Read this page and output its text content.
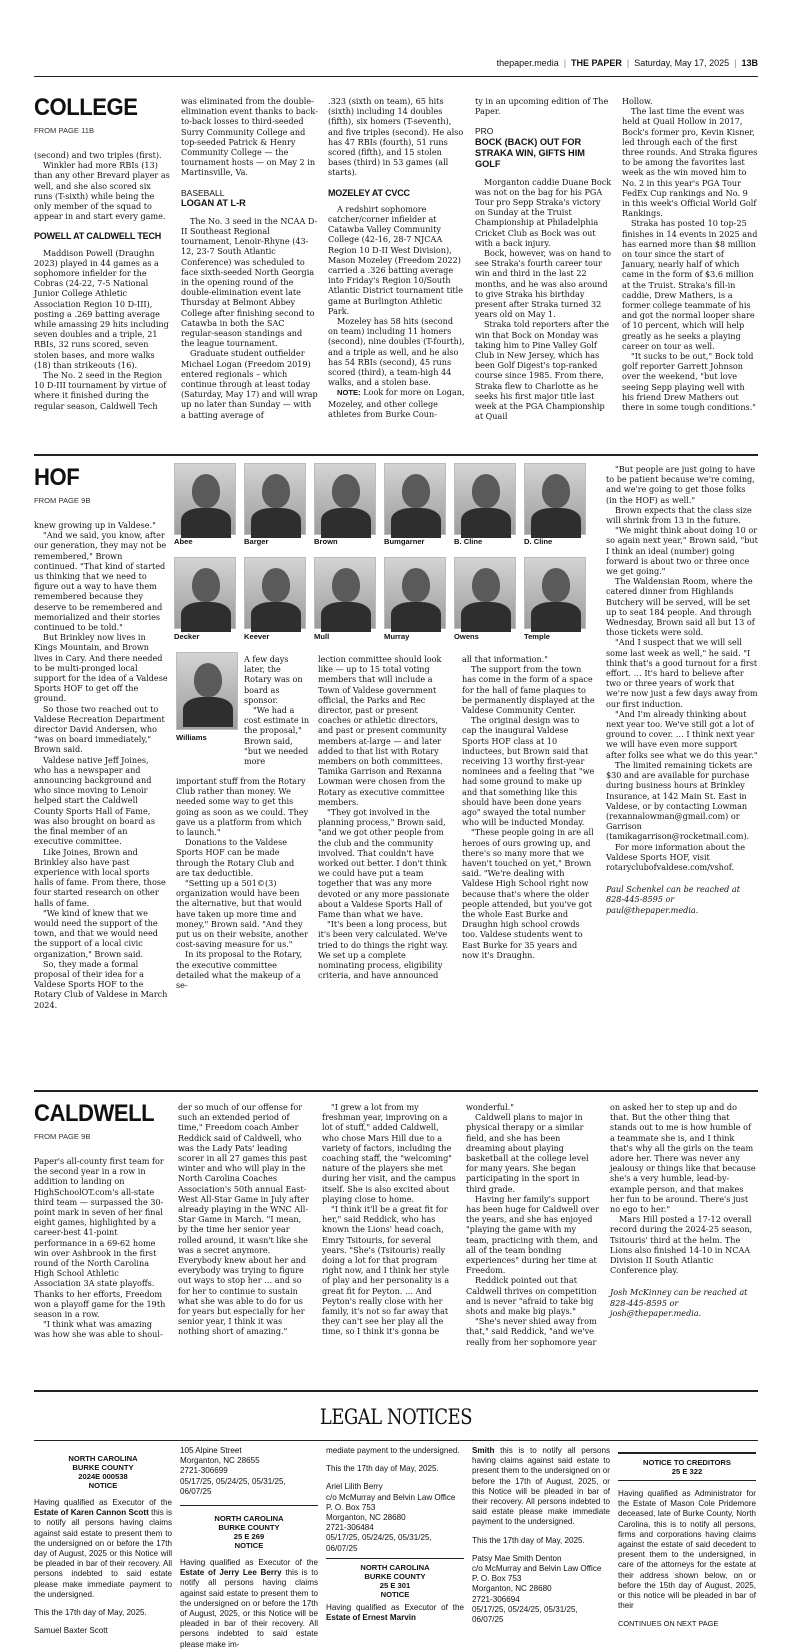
thepaper.media | THE PAPER | Saturday, May 17, 2025 | 13B
COLLEGE
FROM PAGE 11B

(second) and two triples (first).

Winkler had more RBIs (13) than any other Brevard player as well, and she also scored six runs (T-sixth) while being the only member of the squad to appear in and start every game.

POWELL AT CALDWELL TECH

Maddison Powell (Draughn 2023) played in 44 games as a sophomore infielder for the Cobras (24-22, 7-5 National Junior College Athletic Association Region 10 D-III), posting a .269 batting average while amassing 29 hits including seven doubles and a triple, 21 RBIs, 32 runs scored, seven stolen bases, and more walks (18) than strikeouts (16).

The No. 2 seed in the Region 10 D-III tournament by virtue of where it finished during the regular season, Caldwell Tech

was eliminated from the double-elimination event thanks to back-to-back losses to third-seeded Surry Community College and top-seeded Patrick & Henry Community College — the tournament hosts — on May 2 in Martinsville, Va.

BASEBALL

LOGAN AT L-R

The No. 3 seed in the NCAA D-II Southeast Regional tournament, Lenoir-Rhyne (43-12, 23-7 South Atlantic Conference) was scheduled to face sixth-seeded North Georgia in the opening round of the double-elimination event late Thursday at Belmont Abbey College after finishing second to Catawba in both the SAC regular-season standings and the league tournament.

Graduate student outfielder Michael Logan (Freedom 2019) entered regionals – which continue through at least today (Saturday, May 17) and will wrap up no later than Sunday — with a batting average of

.323 (sixth on team), 65 hits (sixth) including 14 doubles (fifth), six homers (T-seventh), and five triples (second). He also has 47 RBIs (fourth), 51 runs scored (fifth), and 15 stolen bases (third) in 53 games (all starts).

MOZELEY AT CVCC

A redshirt sophomore catcher/corner infielder at Catawba Valley Community College (42-16, 28-7 NJCAA Region 10 D-II West Division), Mason Mozeley (Freedom 2022) carried a .326 batting average into Friday's Region 10/South Atlantic District tournament title game at Burlington Athletic Park.

Mozeley has 58 hits (second on team) including 11 homers (second), nine doubles (T-fourth), and a triple as well, and he also has 54 RBIs (second), 45 runs scored (third), a team-high 44 walks, and a stolen base.

NOTE: Look for more on Logan, Mozeley, and other college athletes from Burke Coun-

ty in an upcoming edition of The Paper.

PRO

BOCK (BACK) OUT FOR STRAKA WIN, GIFTS HIM GOLF

Morganton caddie Duane Bock was not on the bag for his PGA Tour pro Sepp Straka's victory on Sunday at the Truist Championship at Philadelphia Cricket Club as Bock was out with a back injury.

Bock, however, was on hand to see Straka's fourth career tour win and third in the last 22 months, and he was also around to give Straka his birthday present after Straka turned 32 years old on May 1.

Straka told reporters after the win that Bock on Monday was taking him to Pine Valley Golf Club in New Jersey, which has been Golf Digest's top-ranked course since 1985. From there, Straka flew to Charlotte as he seeks his first major title last week at the PGA Championship at Quail

Hollow.

The last time the event was held at Quail Hollow in 2017, Bock's former pro, Kevin Kisner, led through each of the first three rounds. And Straka figures to be among the favorites last week as the win moved him to No. 2 in this year's PGA Tour FedEx Cup rankings and No. 9 in this week's Official World Golf Rankings.

Straka has posted 10 top-25 finishes in 14 events in 2025 and has earned more than $8 million on tour since the start of January, nearly half of which came in the form of $3.6 million at the Truist. Straka's fill-in caddie, Drew Mathers, is a former college teammate of his and got the normal looper share of 10 percent, which will help greatly as he seeks a playing career on tour as well.

"It sucks to be out," Bock told golf reporter Garrett Johnson over the weekend, "but love seeing Sepp playing well with his friend Drew Mathers out there in some tough conditions."

HOF
FROM PAGE 9B

knew growing up in Valdese."

"And we said, you know, after our generation, they may not be remembered," Brown continued. "That kind of started us thinking that we need to figure out a way to have them remembered because they deserve to be remembered and memorialized and their stories continued to be told."

But Brinkley now lives in Kings Mountain, and Brown lives in Cary. And there needed to be multi-pronged local support for the idea of a Valdese Sports HOF to get off the ground.

So those two reached out to Valdese Recreation Department director David Andersen, who "was on board immediately," Brown said.

Valdese native Jeff Joines, who has a newspaper and announcing background and who since moving to Lenoir helped start the Caldwell County Sports Hall of Fame, was also brought on board as the final member of an executive committee.

Like Joines, Brown and Brinkley also have past experience with local sports halls of fame. From there, those four started research on other halls of fame.

"We kind of knew that we would need the support of the town, and that we would need the support of a local civic organization," Brown said.

So, they made a formal proposal of their idea for a Valdese Sports HOF to the Rotary Club of Valdese in March 2024.

Abee	Barger	Brown	Bumgarner	B. Cline	D. Cline
Decker	Keever	Mull	Murray	Owens	Temple
Williams

A few days later, the Rotary was on board as sponsor.

"We had a cost estimate in the proposal," Brown said, "but we needed more

important stuff from the Rotary Club rather than money. We needed some way to get this going as soon as we could. They gave us a platform from which to launch."

Donations to the Valdese Sports HOF can be made through the Rotary Club and are tax deductible.

"Setting up a 501©(3) organization would have been the alternative, but that would have taken up more time and money," Brown said. "And they put us on their website, another cost-saving measure for us."

In its proposal to the Rotary, the executive committee detailed what the makeup of a se-

lection committee should look like — up to 15 total voting members that will include a Town of Valdese government official, the Parks and Rec director, past or present coaches or athletic directors, and past or present community members at-large — and later added to that list with Rotary members on both committees. Tamika Garrison and Rexanna Lowman were chosen from the Rotary as executive committee members.

"They got involved in the planning process," Brown said, "and we got other people from the club and the community involved. That couldn't have worked out better. I don't think we could have put a team together that was any more devoted or any more passionate about a Valdese Sports Hall of Fame than what we have.

"It's been a long process, but it's been very calculated. We've tried to do things the right way. We set up a complete nominating process, eligibility criteria, and have announced

all that information."

The support from the town has come in the form of a space for the hall of fame plaques to be permanently displayed at the Valdese Community Center.

The original design was to cap the inaugural Valdese Sports HOF class at 10 inductees, but Brown said that receiving 13 worthy first-year nominees and a feeling that "we had some ground to make up and that something like this should have been done years ago" swayed the total number who will be inducted Monday.

"These people going in are all heroes of ours growing up, and there's so many more that we haven't touched on yet," Brown said. "We're dealing with Valdese High School right now because that's where the older people attended, but you've got the whole East Burke and Draughn high school crowds too. Valdese students went to East Burke for 35 years and now it's Draughn.

"But people are just going to have to be patient because we're coming, and we're going to get those folks (in the HOF) as well."

Brown expects that the class size will shrink from 13 in the future.

"We might think about doing 10 or so again next year," Brown said, "but I think an ideal (number) going forward is about two or three once we get going."

The Waldensian Room, where the catered dinner from Highlands Butchery will be served, will be set up to seat 184 people. And through Wednesday, Brown said all but 13 of those tickets were sold.

"And I suspect that we will sell some last week as well," he said. "I think that's a good turnout for a first effort. … It's hard to believe after two or three years of work that we're now just a few days away from our first induction.

"And I'm already thinking about next year too. We've still got a lot of ground to cover. … I think next year we will have even more support after folks see what we do this year."

The limited remaining tickets are $30 and are available for purchase during business hours at Brinkley Insurance, at 142 Main St. East in Valdese, or by contacting Lowman (rexannalowman@gmail.com) or Garrison (tamikagarrison@rocketmail.com).

For more information about the Valdese Sports HOF, visit rotaryclubofvaldese.com/vshof.

Paul Schenkel can be reached at 828-445-8595 or paul@thepaper.media.

CALDWELL
FROM PAGE 9B

Paper's all-county first team for the second year in a row in addition to landing on HighSchoolOT.com's all-state third team — surpassed the 30-point mark in seven of her final eight games, highlighted by a career-best 41-point performance in a 69-62 home win over Ashbrook in the first round of the North Carolina High School Athletic Association 3A state playoffs. Thanks to her efforts, Freedom won a playoff game for the 19th season in a row.

"I think what was amazing was how she was able to shoul-

der so much of our offense for such an extended period of time," Freedom coach Amber Reddick said of Caldwell, who was the Lady Pats' leading scorer in all 27 games this past winter and who will play in the North Carolina Coaches Association's 50th annual East-West All-Star Game in July after already playing in the WNC All-Star Game in March. "I mean, by the time her senior year rolled around, it wasn't like she was a secret anymore. Everybody knew about her and everybody was trying to figure out ways to stop her … and so for her to continue to sustain what she was able to do for us for years but especially for her senior year, I think it was nothing short of amazing."

"I grew a lot from my freshman year, improving on a lot of stuff," added Caldwell, who chose Mars Hill due to a variety of factors, including the coaching staff, the "welcoming" nature of the players she met during her visit, and the campus itself. She is also excited about playing close to home.

"I think it'll be a great fit for her," said Reddick, who has known the Lions' head coach, Emry Tsitouris, for several years. "She's (Tsitouris) really doing a lot for that program right now, and I think her style of play and her personality is a great fit for Peyton. … And Peyton's really close with her family, it's not so far away that they can't see her play all the time, so I think it's gonna be

wonderful."

Caldwell plans to major in physical therapy or a similar field, and she has been dreaming about playing basketball at the college level for many years. She began participating in the sport in third grade.

Having her family's support has been huge for Caldwell over the years, and she has enjoyed "playing the game with my team, practicing with them, and all of the team bonding experiences" during her time at Freedom.

Reddick pointed out that Caldwell thrives on competition and is never "afraid to take big shots and make big plays."

"She's never shied away from that," said Reddick, "and we've really from her sophomore year

on asked her to step up and do that. But the other thing that stands out to me is how humble of a teammate she is, and I think that's why all the girls on the team adore her. There was never any jealousy or things like that because she's a very humble, lead-by-example person, and that makes her fun to be around. There's just no ego to her."

Mars Hill posted a 17-12 overall record during the 2024-25 season, Tsitouris' third at the helm. The Lions also finished 14-10 in NCAA Division II South Atlantic Conference play.

Josh McKinney can be reached at 828-445-8595 or josh@thepaper.media.

LEGAL NOTICES
NORTH CAROLINA
BURKE COUNTY
2024E 000538
NOTICE

Having qualified as Executor of the Estate of Karen Cannon Scott this is to notify all persons having claims against said estate to present them to the undersigned on or before the 17th day of August, 2025 or this Notice will be pleaded in bar of their recovery. All persons indebted to said estate please make immediate payment to the undersigned.

This the 17th day of May, 2025.

Samuel Baxter Scott

105 Alpine Street
Morganton, NC 28655
2721-306699
05/17/25, 05/24/25, 05/31/25, 06/07/25

NORTH CAROLINA
BURKE COUNTY
25 E 269
NOTICE

Having qualified as Executor of the Estate of Jerry Lee Berry this is to notify all persons having claims against said estate to present them to the undersigned on or before the 17th of August, 2025, or this Notice will be pleaded in bar of their recovery. All persons indebted to said estate please make im-

mediate payment to the undersigned.

This the 17th day of May, 2025.

Ariel Lilith Berry
c/o McMurray and Belvin Law Office
P. O. Box 753
Morganton, NC 28680
2721-306484
05/17/25, 05/24/25, 05/31/25, 06/07/25

NORTH CAROLINA
BURKE COUNTY
25 E 301
NOTICE

Having qualified as Executor of the Estate of Ernest Marvin

Smith this is to notify all persons having claims against said estate to present them to the undersigned on or before the 17th of August, 2025, or this Notice will be pleaded in bar of their recovery. All persons indebted to said estate please make immediate payment to the undersigned.

This the 17th day of May, 2025.

Patsy Mae Smith Denton
c/o McMurray and Belvin Law Office
P. O. Box 753
Morganton, NC 28680
2721-306694
05/17/25, 05/24/25, 05/31/25, 06/07/25

NOTICE TO CREDITORS
25 E 322

Having qualified as Administrator for the Estate of Mason Cole Pridemore deceased, late of Burke County, North Carolina, this is to notify all persons, firms and corporations having claims against the estate of said decedent to present them to the undersigned, in care of the attorneys for the estate at their address shown below, on or before the 15th day of August, 2025, or this notice will be pleaded in bar of their

CONTINUES ON NEXT PAGE
